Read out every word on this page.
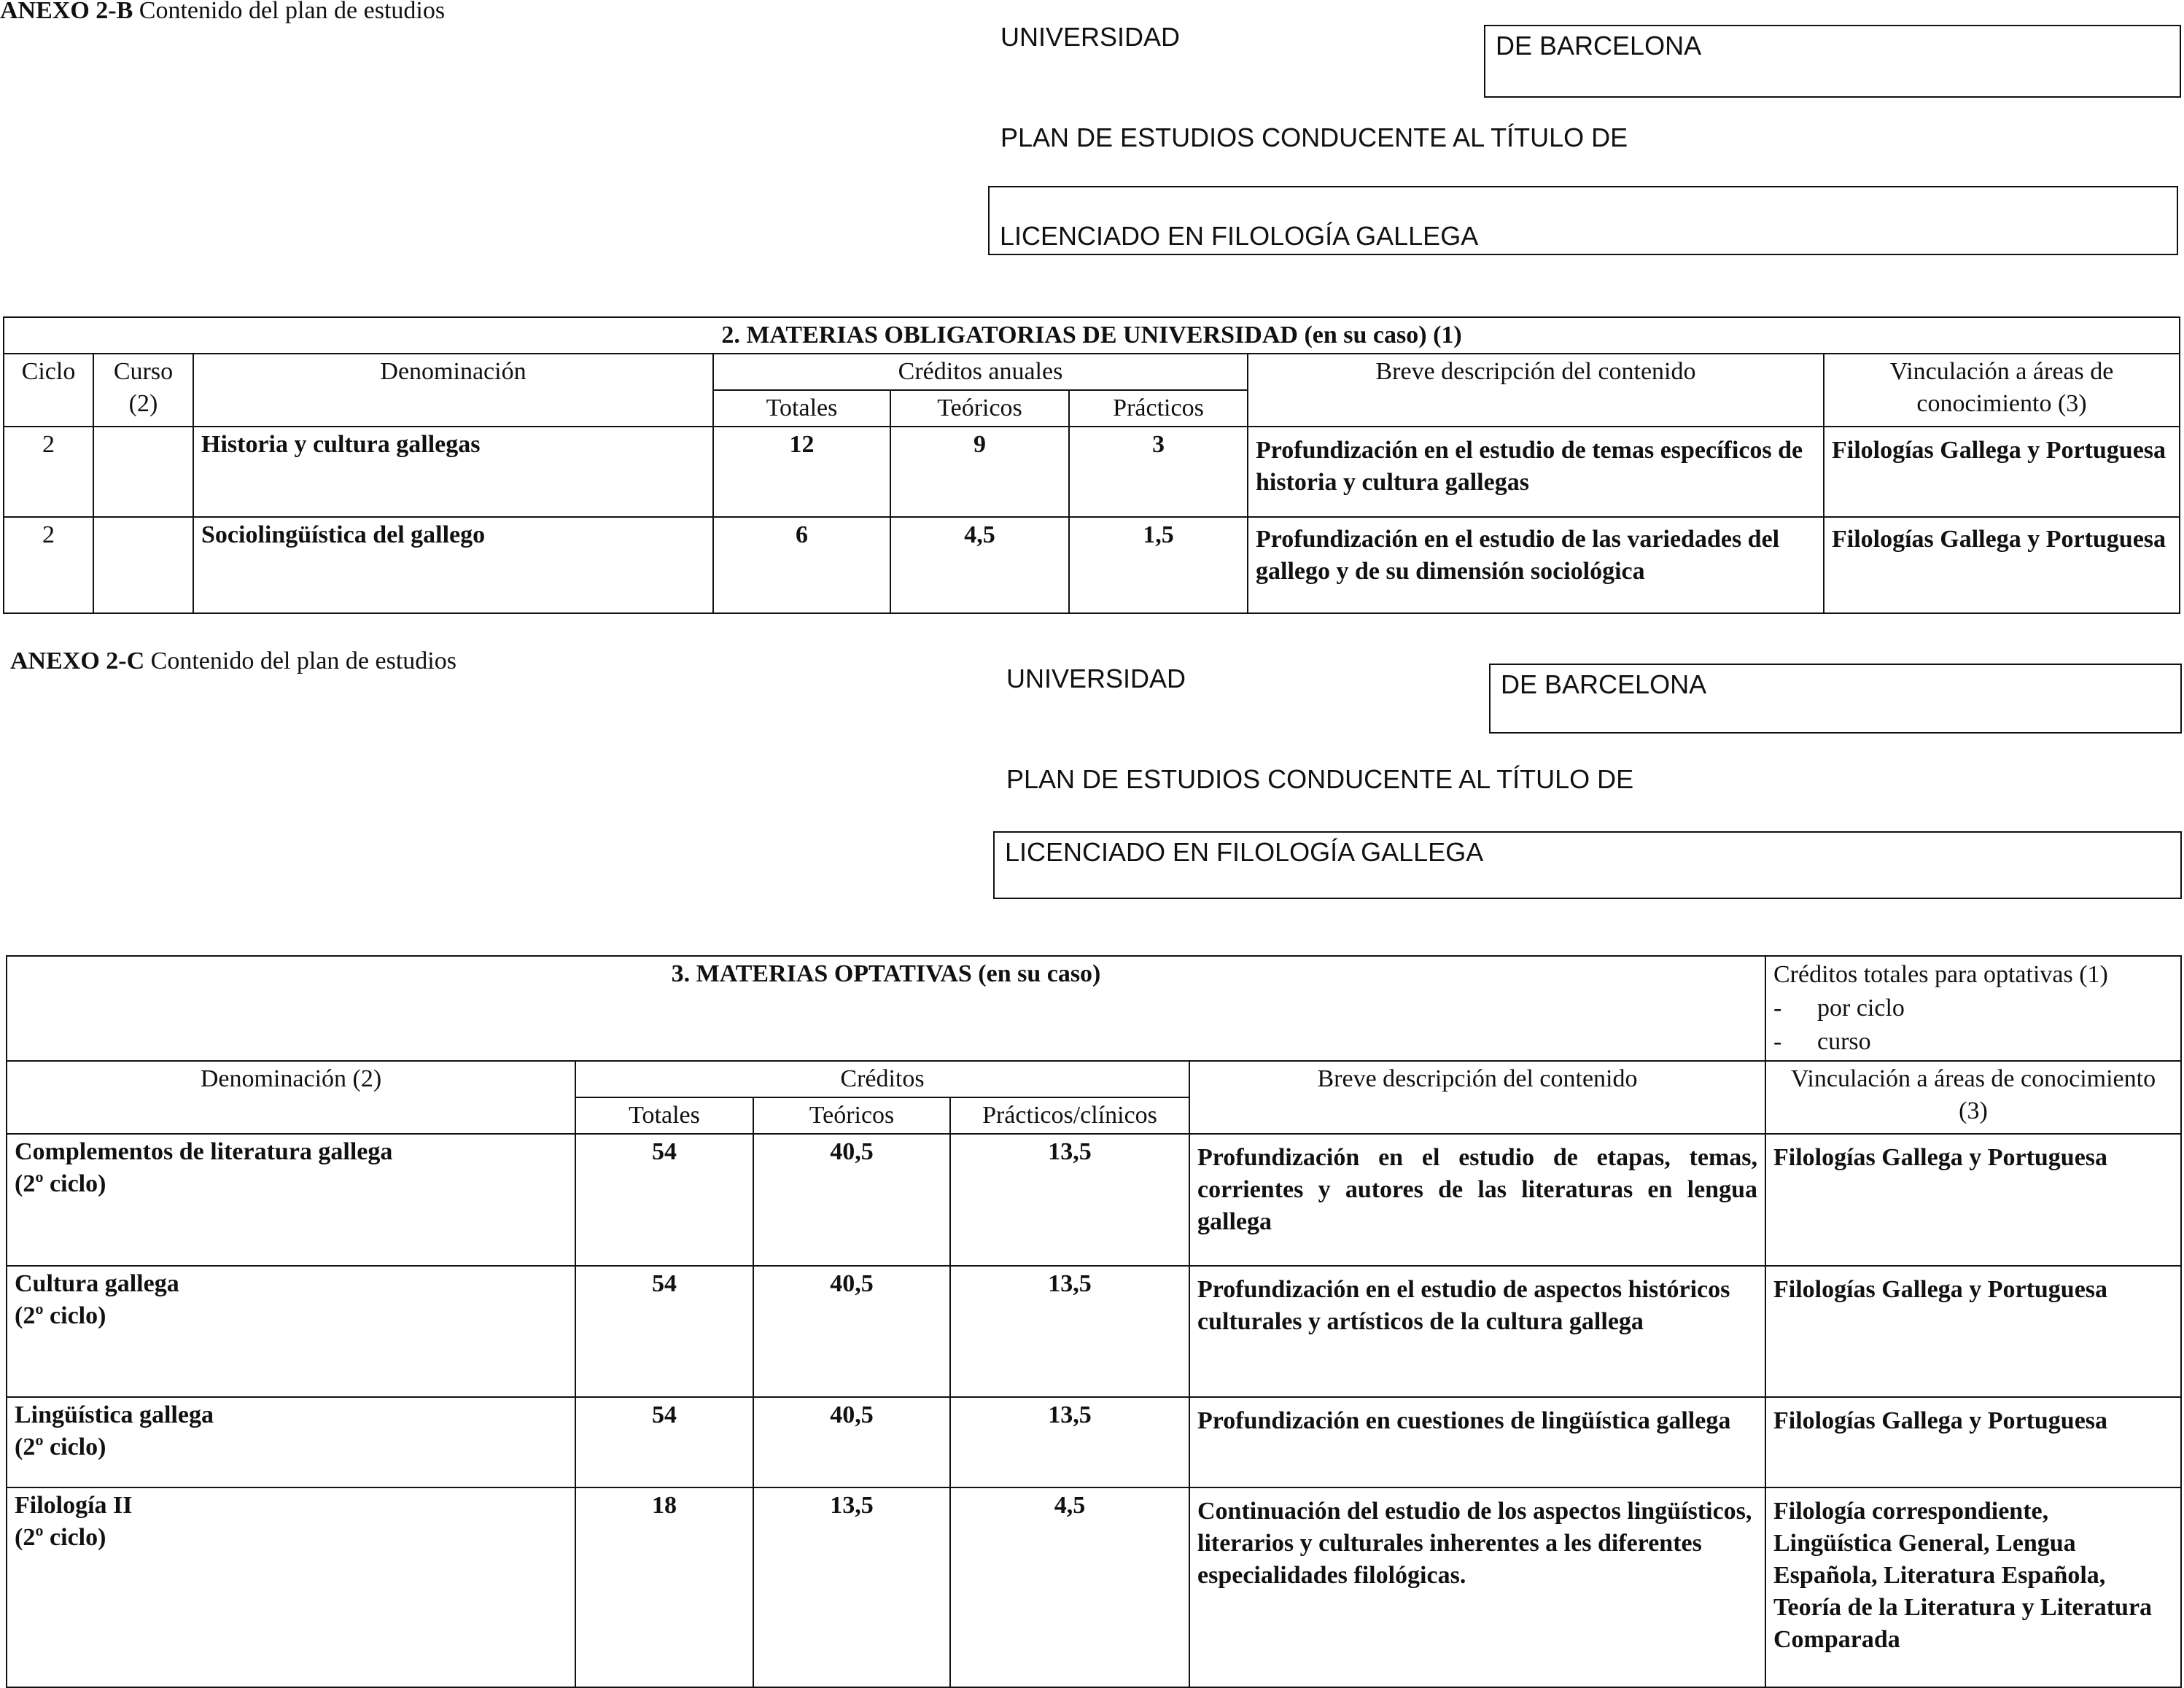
ANEXO 2-B Contenido del plan de estudios
UNIVERSIDAD	DE BARCELONA
PLAN DE ESTUDIOS CONDUCENTE AL TÍTULO DE
LICENCIADO EN FILOLOGÍA GALLEGA
2. MATERIAS OBLIGATORIAS DE UNIVERSIDAD (en su caso) (1)							
Ciclo	Curso (2)	Denominación	Créditos anuales			Breve descripción del contenido	Vinculación a áreas de conocimiento (3)
			Totales	Teóricos	Prácticos		
2		Historia y cultura gallegas	12	9	3	Profundización en el estudio de temas específicos de historia y cultura gallegas	Filologías Gallega y Portuguesa
2		Sociolingüística del gallego	6	4,5	1,5	Profundización en el estudio de las variedades del gallego y de su dimensión sociológica	Filologías Gallega y Portuguesa
ANEXO 2-C Contenido del plan de estudios
UNIVERSIDAD	DE BARCELONA
PLAN DE ESTUDIOS CONDUCENTE AL TÍTULO DE
LICENCIADO EN FILOLOGÍA GALLEGA
3. MATERIAS OPTATIVAS (en su caso)					Créditos totales para optativas (1)
- por ciclo
- curso

Denominación (2)	Créditos			Breve descripción del contenido	Vinculación a áreas de conocimiento (3)
	Totales	Teóricos	Prácticos/clínicos		

Complementos de literatura gallega
(2º ciclo)	54	40,5	13,5	Profundización en el estudio de etapas, temas, corrientes y autores de las literaturas en lengua gallega	Filologías Gallega y Portuguesa

Cultura gallega
(2º ciclo)	54	40,5	13,5	Profundización en el estudio de aspectos históricos culturales y artísticos de la cultura gallega	Filologías Gallega y Portuguesa

Lingüística gallega
(2º ciclo)	54	40,5	13,5	Profundización en cuestiones de lingüística gallega	Filologías Gallega y Portuguesa

Filología II
(2º ciclo)	18	13,5	4,5	Continuación del estudio de los aspectos lingüísticos, literarios y culturales inherentes a les diferentes especialidades filológicas.	Filología correspondiente, Lingüística General, Lengua Española, Literatura Española, Teoría de la Literatura y Literatura Comparada
